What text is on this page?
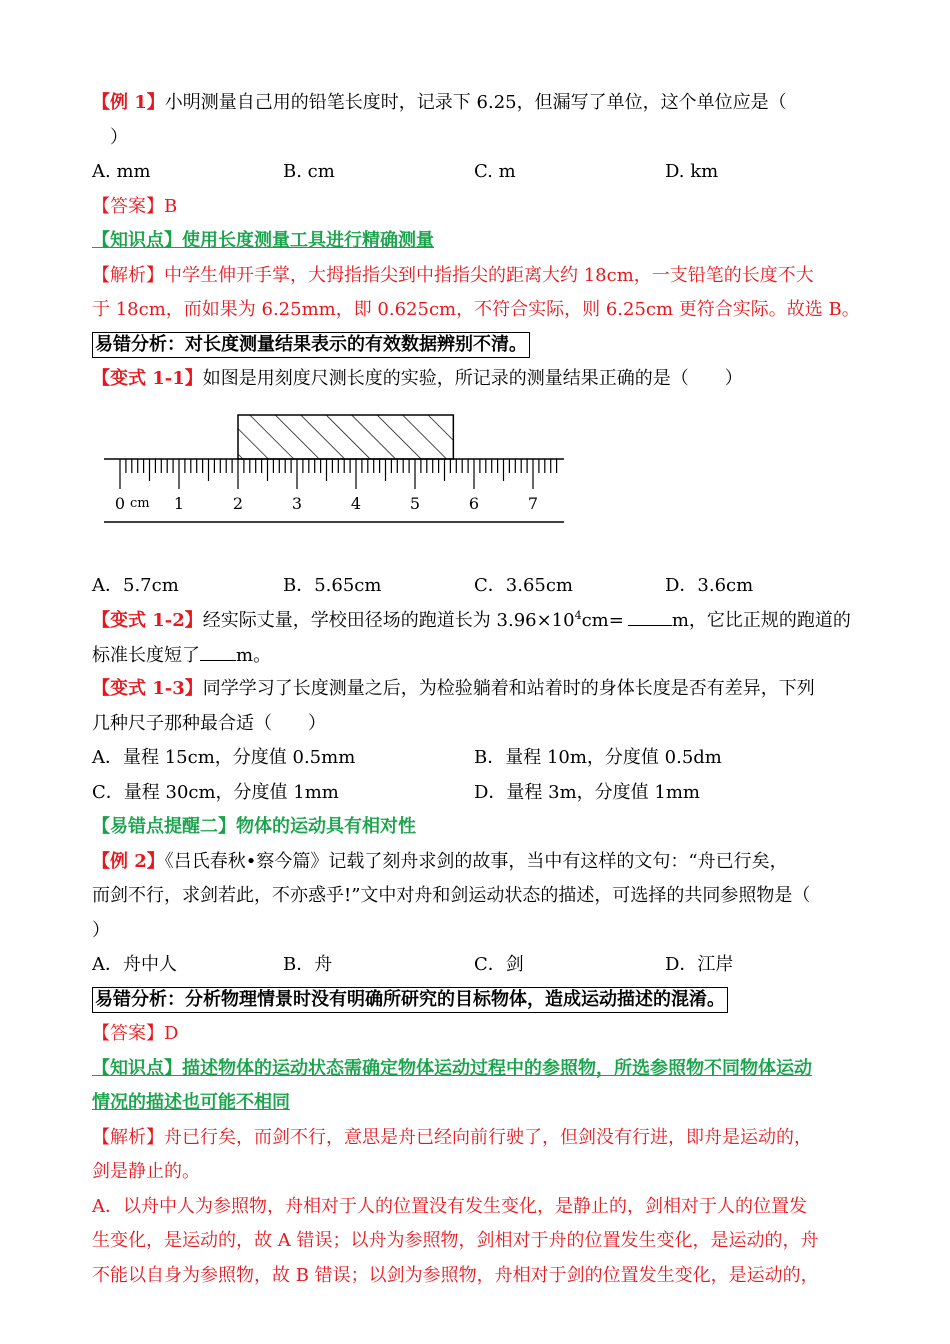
【例 1】小明测量自己用的铅笔长度时，记录下 6.25，但漏写了单位，这个单位应是（
）
A. mm	B. cm	C. m	D. km
【答案】B
【知识点】使用长度测量工具进行精确测量
【解析】中学生伸开手掌，大拇指指尖到中指指尖的距离大约 18cm，一支铅笔的长度不大
于 18cm，而如果为 6.25mm，即 0.625cm，不符合实际，则 6.25cm 更符合实际。故选 B。
易错分析：对长度测量结果表示的有效数据辨别不清。
【变式 1-1】如图是用刻度尺测长度的实验，所记录的测量结果正确的是（　　）
0	1	2	3	4	5	6	7
cm
A．5.7cm	B．5.65cm	C．3.65cm	D．3.6cm
【变式 1-2】经实际丈量，学校田径场的跑道长为 $3.96\times 10^4cm=$	m，它比正规的跑道的
标准长度短了 m。
【变式 1-3】同学学习了长度测量之后，为检验躺着和站着时的身体长度是否有差异，下列
几种尺子那种最合适（　　）
A．量程 15cm，分度值 0.5mm	B．量程 10m，分度值 0.5dm
C．量程 30cm，分度值 1mm	D．量程 3m，分度值 1mm
【易错点提醒二】物体的运动具有相对性
【例 2】《吕氏春秋•察今篇》记载了刻舟求剑的故事，当中有这样的文句：“舟已行矣，
而剑不行，求剑若此，不亦惑乎!”文中对舟和剑运动状态的描述，可选择的共同参照物是（
）
A．舟中人	B．舟	C．剑	D．江岸
易错分析：分析物理情景时没有明确所研究的目标物体，造成运动描述的混淆。
【答案】D
【知识点】描述物体的运动状态需确定物体运动过程中的参照物，所选参照物不同物体运动
情况的描述也可能不相同
【解析】舟已行矣，而剑不行，意思是舟已经向前行驶了，但剑没有行进，即舟是运动的，
剑是静止的。
A．以舟中人为参照物，舟相对于人的位置没有发生变化，是静止的，剑相对于人的位置发
生变化，是运动的，故 A 错误；以舟为参照物，剑相对于舟的位置发生变化，是运动的，舟
不能以自身为参照物，故 B 错误；以剑为参照物，舟相对于剑的位置发生变化，是运动的，
